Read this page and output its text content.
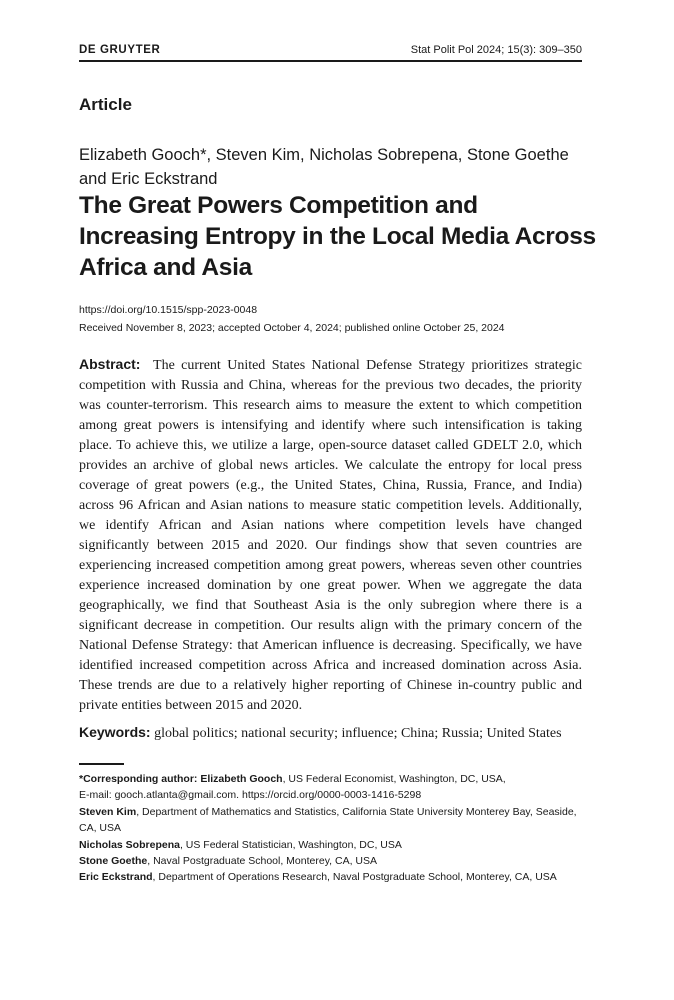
DE GRUYTER	Stat Polit Pol 2024; 15(3): 309–350
Article
Elizabeth Gooch*, Steven Kim, Nicholas Sobrepena, Stone Goethe and Eric Eckstrand
The Great Powers Competition and Increasing Entropy in the Local Media Across Africa and Asia
https://doi.org/10.1515/spp-2023-0048
Received November 8, 2023; accepted October 4, 2024; published online October 25, 2024

Abstract: The current United States National Defense Strategy prioritizes strategic competition with Russia and China, whereas for the previous two decades, the priority was counter-terrorism. This research aims to measure the extent to which competition among great powers is intensifying and identify where such intensification is taking place. To achieve this, we utilize a large, open-source dataset called GDELT 2.0, which provides an archive of global news articles. We calculate the entropy for local press coverage of great powers (e.g., the United States, China, Russia, France, and India) across 96 African and Asian nations to measure static competition levels. Additionally, we identify African and Asian nations where competition levels have changed significantly between 2015 and 2020. Our findings show that seven countries are experiencing increased competition among great powers, whereas seven other countries experience increased domination by one great power. When we aggregate the data geographically, we find that Southeast Asia is the only subregion where there is a significant decrease in competition. Our results align with the primary concern of the National Defense Strategy: that American influence is decreasing. Specifically, we have identified increased competition across Africa and increased domination across Asia. These trends are due to a relatively higher reporting of Chinese in-country public and private entities between 2015 and 2020.

Keywords: global politics; national security; influence; China; Russia; United States
*Corresponding author: Elizabeth Gooch, US Federal Economist, Washington, DC, USA,
E-mail: gooch.atlanta@gmail.com. https://orcid.org/0000-0003-1416-5298
Steven Kim, Department of Mathematics and Statistics, California State University Monterey Bay, Seaside, CA, USA
Nicholas Sobrepena, US Federal Statistician, Washington, DC, USA
Stone Goethe, Naval Postgraduate School, Monterey, CA, USA
Eric Eckstrand, Department of Operations Research, Naval Postgraduate School, Monterey, CA, USA
